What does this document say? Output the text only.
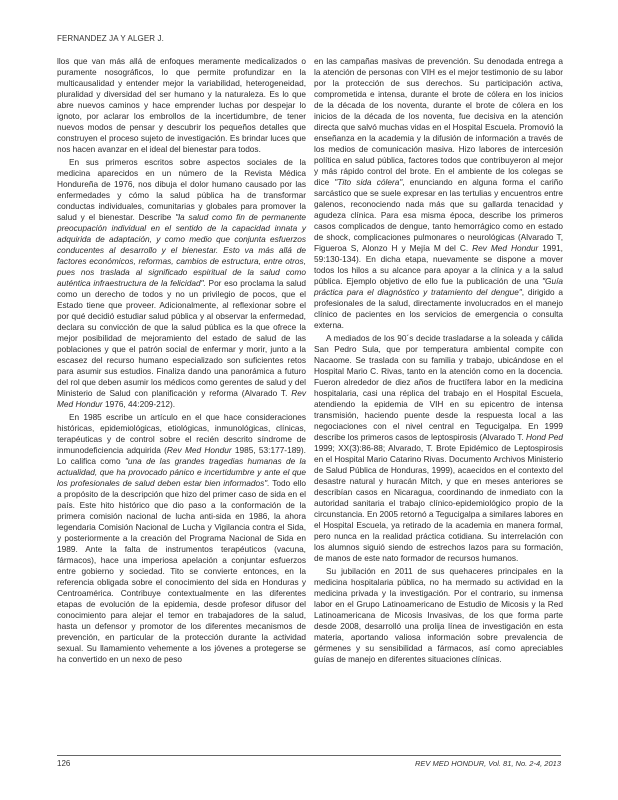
FERNANDEZ JA Y ALGER J.

llos que van más allá de enfoques meramente medicalizados o puramente nosográficos, lo que permite profundizar en la multicausalidad y entender mejor la variabilidad, heterogeneidad, pluralidad y diversidad del ser humano y la naturaleza. Es lo que abre nuevos caminos y hace emprender luchas por despejar lo ignoto, por aclarar los embrollos de la incertidumbre, de tener nuevos modos de pensar y descubrir los pequeños detalles que construyen el proceso sujeto de investigación. Es brindar luces que nos hacen avanzar en el ideal del bienestar para todos.

En sus primeros escritos sobre aspectos sociales de la medicina aparecidos en un número de la Revista Médica Hondureña de 1976, nos dibuja el dolor humano causado por las enfermedades y cómo la salud pública ha de transformar conductas individuales, comunitarias y globales para promover la salud y el bienestar. Describe "la salud como fin de permanente preocupación individual en el sentido de la capacidad innata y adquirida de adaptación, y como medio que conjunta esfuerzos conducentes al desarrollo y el bienestar. Esto va más allá de factores económicos, reformas, cambios de estructura, entre otros, pues nos traslada al significado espiritual de la salud como auténtica infraestructura de la felicidad". Por eso proclama la salud como un derecho de todos y no un privilegio de pocos, que el Estado tiene que proveer. Adicionalmente, al reflexionar sobre el por qué decidió estudiar salud pública y al observar la enfermedad, declara su convicción de que la salud pública es la que ofrece la mejor posibilidad de mejoramiento del estado de salud de las poblaciones y que el patrón social de enfermar y morir, junto a la escasez del recurso humano especializado son suficientes retos para asumir sus estudios. Finaliza dando una panorámica a futuro del rol que deben asumir los médicos como gerentes de salud y del Ministerio de Salud con planificación y reforma (Alvarado T. Rev Med Hondur 1976, 44:209-212).

En 1985 escribe un artículo en el que hace consideraciones históricas, epidemiológicas, etiológicas, inmunológicas, clínicas, terapéuticas y de control sobre el recién descrito síndrome de inmunodeficiencia adquirida (Rev Med Hondur 1985, 53:177-189). Lo califica como "una de las grandes tragedias humanas de la actualidad, que ha provocado pánico e incertidumbre y ante el que los profesionales de salud deben estar bien informados". Todo ello a propósito de la descripción que hizo del primer caso de sida en el país. Este hito histórico que dio paso a la conformación de la primera comisión nacional de lucha anti-sida en 1986, la ahora legendaria Comisión Nacional de Lucha y Vigilancia contra el Sida, y posteriormente a la creación del Programa Nacional de Sida en 1989. Ante la falta de instrumentos terapéuticos (vacuna, fármacos), hace una imperiosa apelación a conjuntar esfuerzos entre gobierno y sociedad. Tito se convierte entonces, en la referencia obligada sobre el conocimiento del sida en Honduras y Centroamérica. Contribuye contextualmente en las diferentes etapas de evolución de la epidemia, desde profesor difusor del conocimiento para alejar el temor en trabajadores de la salud, hasta un defensor y promotor de los diferentes mecanismos de prevención, en particular de la protección durante la actividad sexual. Su llamamiento vehemente a los jóvenes a protegerse se ha convertido en un nexo de peso

en las campañas masivas de prevención. Su denodada entrega a la atención de personas con VIH es el mejor testimonio de su labor por la protección de sus derechos. Su participación activa, comprometida e intensa, durante el brote de cólera en los inicios de la década de los noventa, durante el brote de cólera en los inicios de la década de los noventa, fue decisiva en la atención directa que salvó muchas vidas en el Hospital Escuela. Promovió la enseñanza en la academia y la difusión de información a través de los medios de comunicación masiva. Hizo labores de intercesión política en salud pública, factores todos que contribuyeron al mejor y más rápido control del brote. En el ambiente de los colegas se dice "Tito sida cólera", enunciando en alguna forma el cariño sarcástico que se suele expresar en las tertulias y encuentros entre galenos, reconociendo nada más que su gallarda tenacidad y agudeza clínica. Para esa misma época, describe los primeros casos complicados de dengue, tanto hemorrágico como en estado de shock, complicaciones pulmonares o neurológicas (Alvarado T, Figueroa S, Alonzo H y Mejía M del C. Rev Med Hondur 1991, 59:130-134). En dicha etapa, nuevamente se dispone a mover todos los hilos a su alcance para apoyar a la clínica y a la salud pública. Ejemplo objetivo de ello fue la publicación de una "Guía práctica para el diagnóstico y tratamiento del dengue", dirigido a profesionales de la salud, directamente involucrados en el manejo clínico de pacientes en los servicios de emergencia o consulta externa.

A mediados de los 90´s decide trasladarse a la soleada y cálida San Pedro Sula, que por temperatura ambiental compite con Nacaome. Se traslada con su familia y trabajo, ubicándose en el Hospital Mario C. Rivas, tanto en la atención como en la docencia. Fueron alrededor de diez años de fructífera labor en la medicina hospitalaria, casi una réplica del trabajo en el Hospital Escuela, atendiendo la epidemia de VIH en su epicentro de intensa transmisión, haciendo puente desde la respuesta local a las negociaciones con el nivel central en Tegucigalpa. En 1999 describe los primeros casos de leptospirosis (Alvarado T. Hond Ped 1999; XX(3):86-88; Alvarado, T. Brote Epidémico de Leptospirosis en el Hospital Mario Catarino Rivas. Documento Archivos Ministerio de Salud Pública de Honduras, 1999), acaecidos en el contexto del desastre natural y huracán Mitch, y que en meses anteriores se describían casos en Nicaragua, coordinando de inmediato con la autoridad sanitaria el trabajo clínico-epidemiológico propio de la circunstancia. En 2005 retornó a Tegucigalpa a similares labores en el Hospital Escuela, ya retirado de la academia en manera formal, pero nunca en la realidad práctica cotidiana. Su interrelación con los alumnos siguió siendo de estrechos lazos para su formación, de manos de este nato formador de recursos humanos.

Su jubilación en 2011 de sus quehaceres principales en la medicina hospitalaria pública, no ha mermado su actividad en la medicina privada y la investigación. Por el contrario, su inmensa labor en el Grupo Latinoamericano de Estudio de Micosis y la Red Latinoamericana de Micosis Invasivas, de los que forma parte desde 2008, desarrolló una prolija línea de investigación en esta materia, aportando valiosa información sobre prevalencia de gérmenes y su sensibilidad a fármacos, así como apreciables guías de manejo en diferentes situaciones clínicas.

126	REV MED HONDUR, Vol. 81, No. 2-4, 2013
